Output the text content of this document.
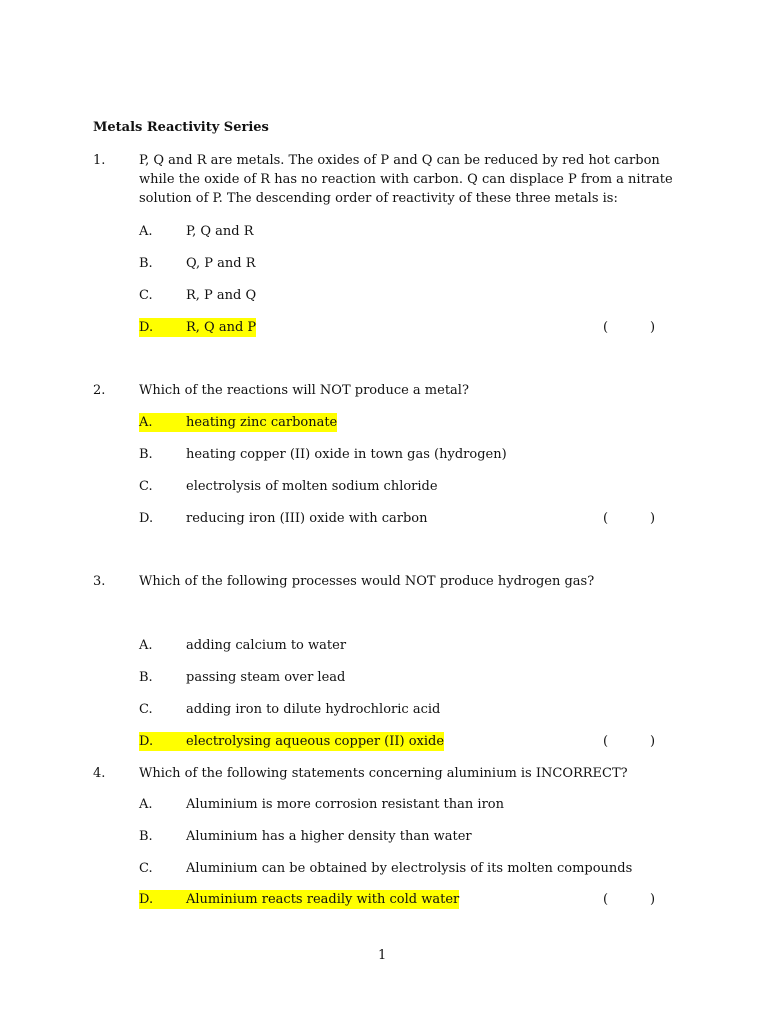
Metals Reactivity Series
1.	P, Q and R are metals. The oxides of P and Q can be reduced by red hot carbon while the oxide of R has no reaction with carbon. Q can displace P from a nitrate solution of P. The descending order of reactivity of these three metals is:
A.	P, Q and R
B.	Q, P and R
C.	R, P and Q
D.	R, Q and P	(	)
2.	Which of the reactions will NOT produce a metal?
A.	heating zinc carbonate
B.	heating copper (II) oxide in town gas (hydrogen)
C.	electrolysis of molten sodium chloride
D.	reducing iron (III) oxide with carbon	(	)
3.	Which of the following processes would NOT produce hydrogen gas?
A.	adding calcium to water
B.	passing steam over lead
C.	adding iron to dilute hydrochloric acid
D.	electrolysing aqueous copper (II) oxide	(	)
4.	Which of the following statements concerning aluminium is INCORRECT?
A.	Aluminium is more corrosion resistant than iron
B.	Aluminium has a higher density than water
C.	Aluminium can be obtained by electrolysis of its molten compounds
D.	Aluminium reacts readily with cold water	(	)
1
